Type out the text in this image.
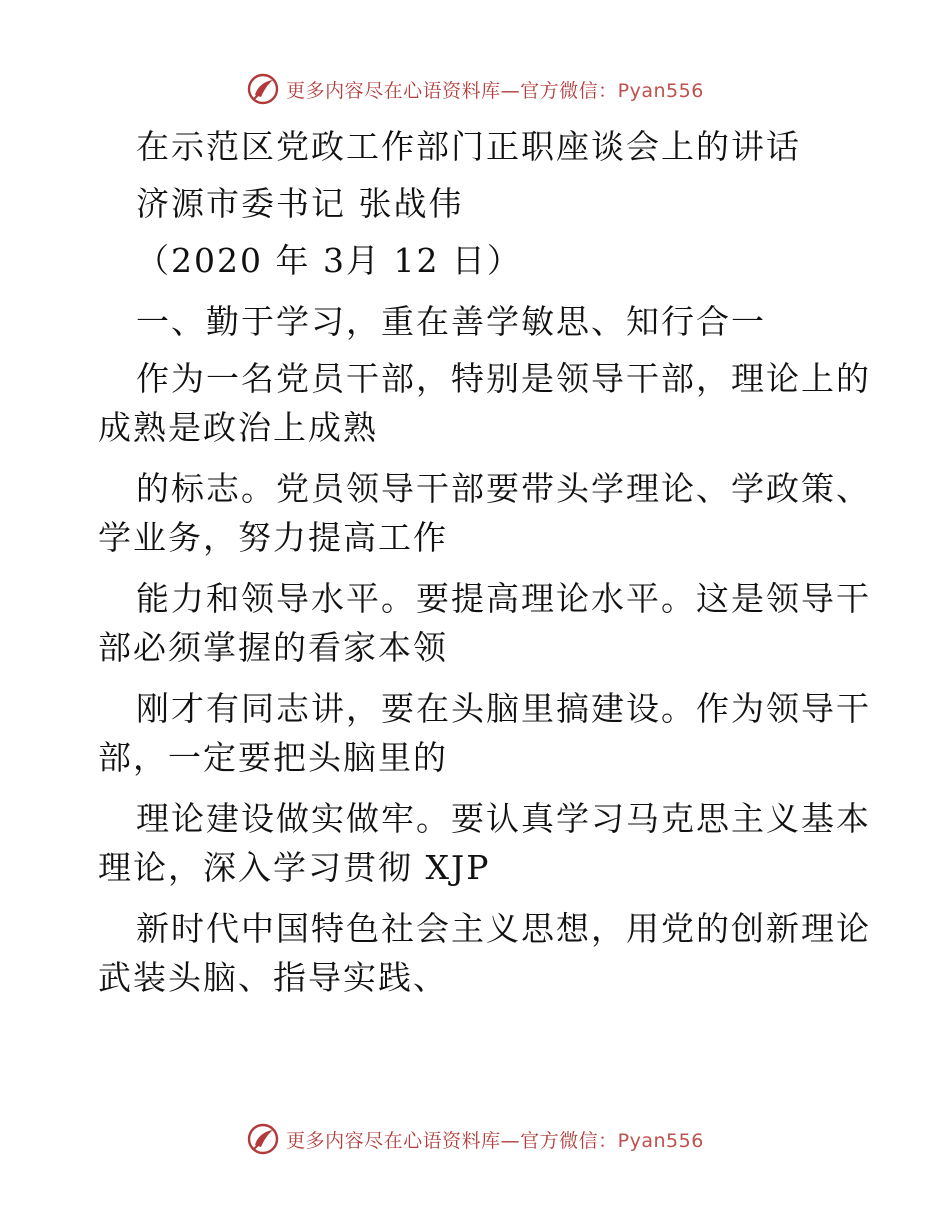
更多内容尽在心语资料库—官方微信：Pyan556
在示范区党政工作部门正职座谈会上的讲话
济源市委书记 张战伟
（2020 年 3月 12 日）
一、勤于学习，重在善学敏思、知行合一
作为一名党员干部，特别是领导干部，理论上的
成熟是政治上成熟
的标志。党员领导干部要带头学理论、学政策、
学业务，努力提高工作
能力和领导水平。要提高理论水平。这是领导干
部必须掌握的看家本领
刚才有同志讲，要在头脑里搞建设。作为领导干
部，一定要把头脑里的
理论建设做实做牢。要认真学习马克思主义基本
理论，深入学习贯彻 XJP
新时代中国特色社会主义思想，用党的创新理论
武装头脑、指导实践、
更多内容尽在心语资料库—官方微信：Pyan556
